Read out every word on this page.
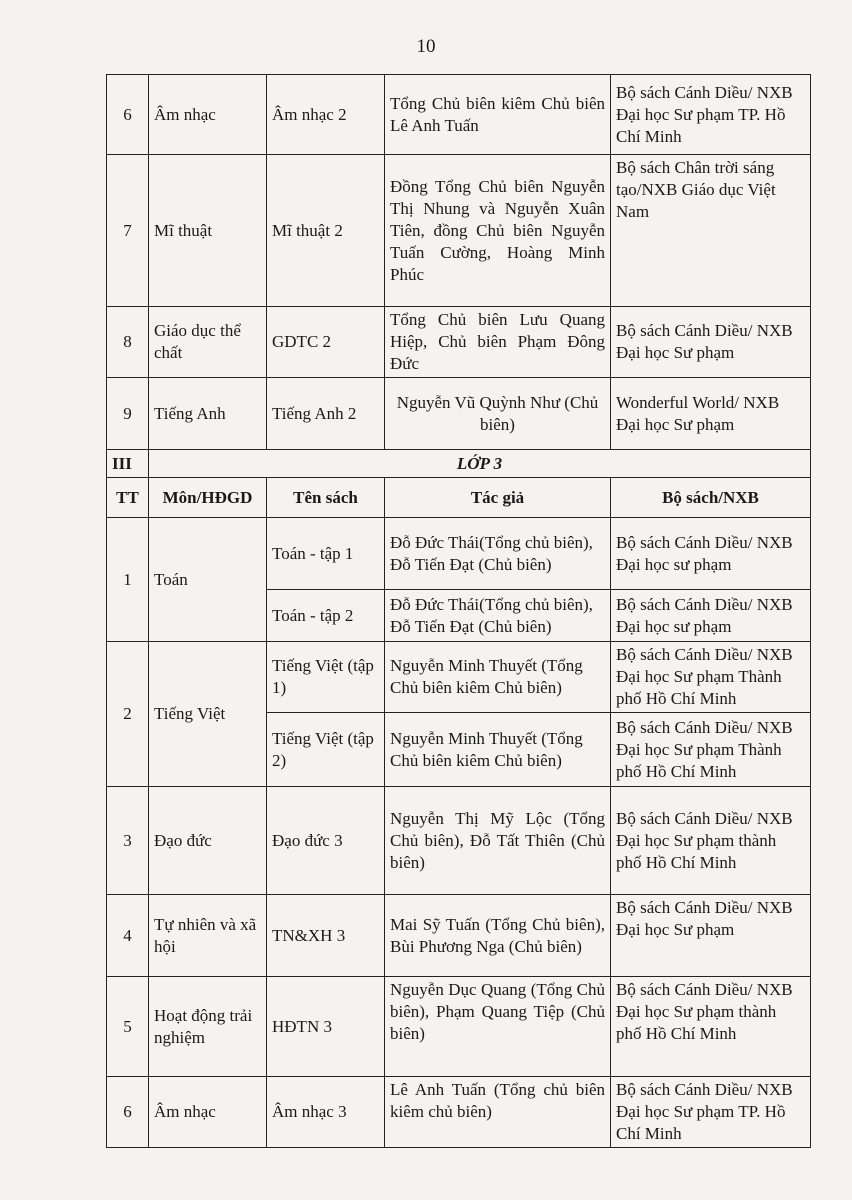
10
6	Âm nhạc	Âm nhạc 2	Tổng Chủ biên kiêm Chủ biên Lê Anh Tuấn	Bộ sách Cánh Diều/ NXB Đại học Sư phạm TP. Hồ Chí Minh
7	Mĩ thuật	Mĩ thuật 2	Đồng Tổng Chủ biên Nguyễn Thị Nhung và Nguyễn Xuân Tiên, đồng Chủ biên Nguyễn Tuấn Cường, Hoàng Minh Phúc	Bộ sách Chân trời sáng tạo/NXB Giáo dục Việt Nam
8	Giáo dục thể chất	GDTC 2	Tổng Chủ biên Lưu Quang Hiệp, Chủ biên Phạm Đông Đức	Bộ sách Cánh Diều/ NXB Đại học Sư phạm
9	Tiếng Anh	Tiếng Anh 2	Nguyễn Vũ Quỳnh Như (Chủ biên)	Wonderful World/ NXB Đại học Sư phạm
III	LỚP 3			
TT	Môn/HĐGD	Tên sách	Tác giả	Bộ sách/NXB
1	Toán	Toán - tập 1	Đỗ Đức Thái(Tổng chủ biên), Đỗ Tiến Đạt (Chủ biên)	Bộ sách Cánh Diều/ NXB Đại học sư phạm
		Toán - tập 2	Đỗ Đức Thái(Tổng chủ biên), Đỗ Tiến Đạt (Chủ biên)	Bộ sách Cánh Diều/ NXB Đại học sư phạm
2	Tiếng Việt	Tiếng Việt (tập 1)	Nguyễn Minh Thuyết (Tổng Chủ biên kiêm Chủ biên)	Bộ sách Cánh Diều/ NXB Đại học Sư phạm Thành phố Hồ Chí Minh
		Tiếng Việt (tập 2)	Nguyễn Minh Thuyết (Tổng Chủ biên kiêm Chủ biên)	Bộ sách Cánh Diều/ NXB Đại học Sư phạm Thành phố Hồ Chí Minh
3	Đạo đức	Đạo đức 3	Nguyễn Thị Mỹ Lộc (Tổng Chủ biên), Đỗ Tất Thiên (Chủ biên)	Bộ sách Cánh Diều/ NXB Đại học Sư phạm thành phố Hồ Chí Minh
4	Tự nhiên và xã hội	TN&XH 3	Mai Sỹ Tuấn (Tổng Chủ biên), Bùi Phương Nga (Chủ biên)	Bộ sách Cánh Diều/ NXB Đại học Sư phạm
5	Hoạt động trải nghiệm	HĐTN 3	Nguyễn Dục Quang (Tổng Chủ biên), Phạm Quang Tiệp (Chủ biên)	Bộ sách Cánh Diều/ NXB Đại học Sư phạm thành phố Hồ Chí Minh
6	Âm nhạc	Âm nhạc 3	Lê Anh Tuấn (Tổng chủ biên kiêm chủ biên)	Bộ sách Cánh Diều/ NXB Đại học Sư phạm TP. Hồ Chí Minh
